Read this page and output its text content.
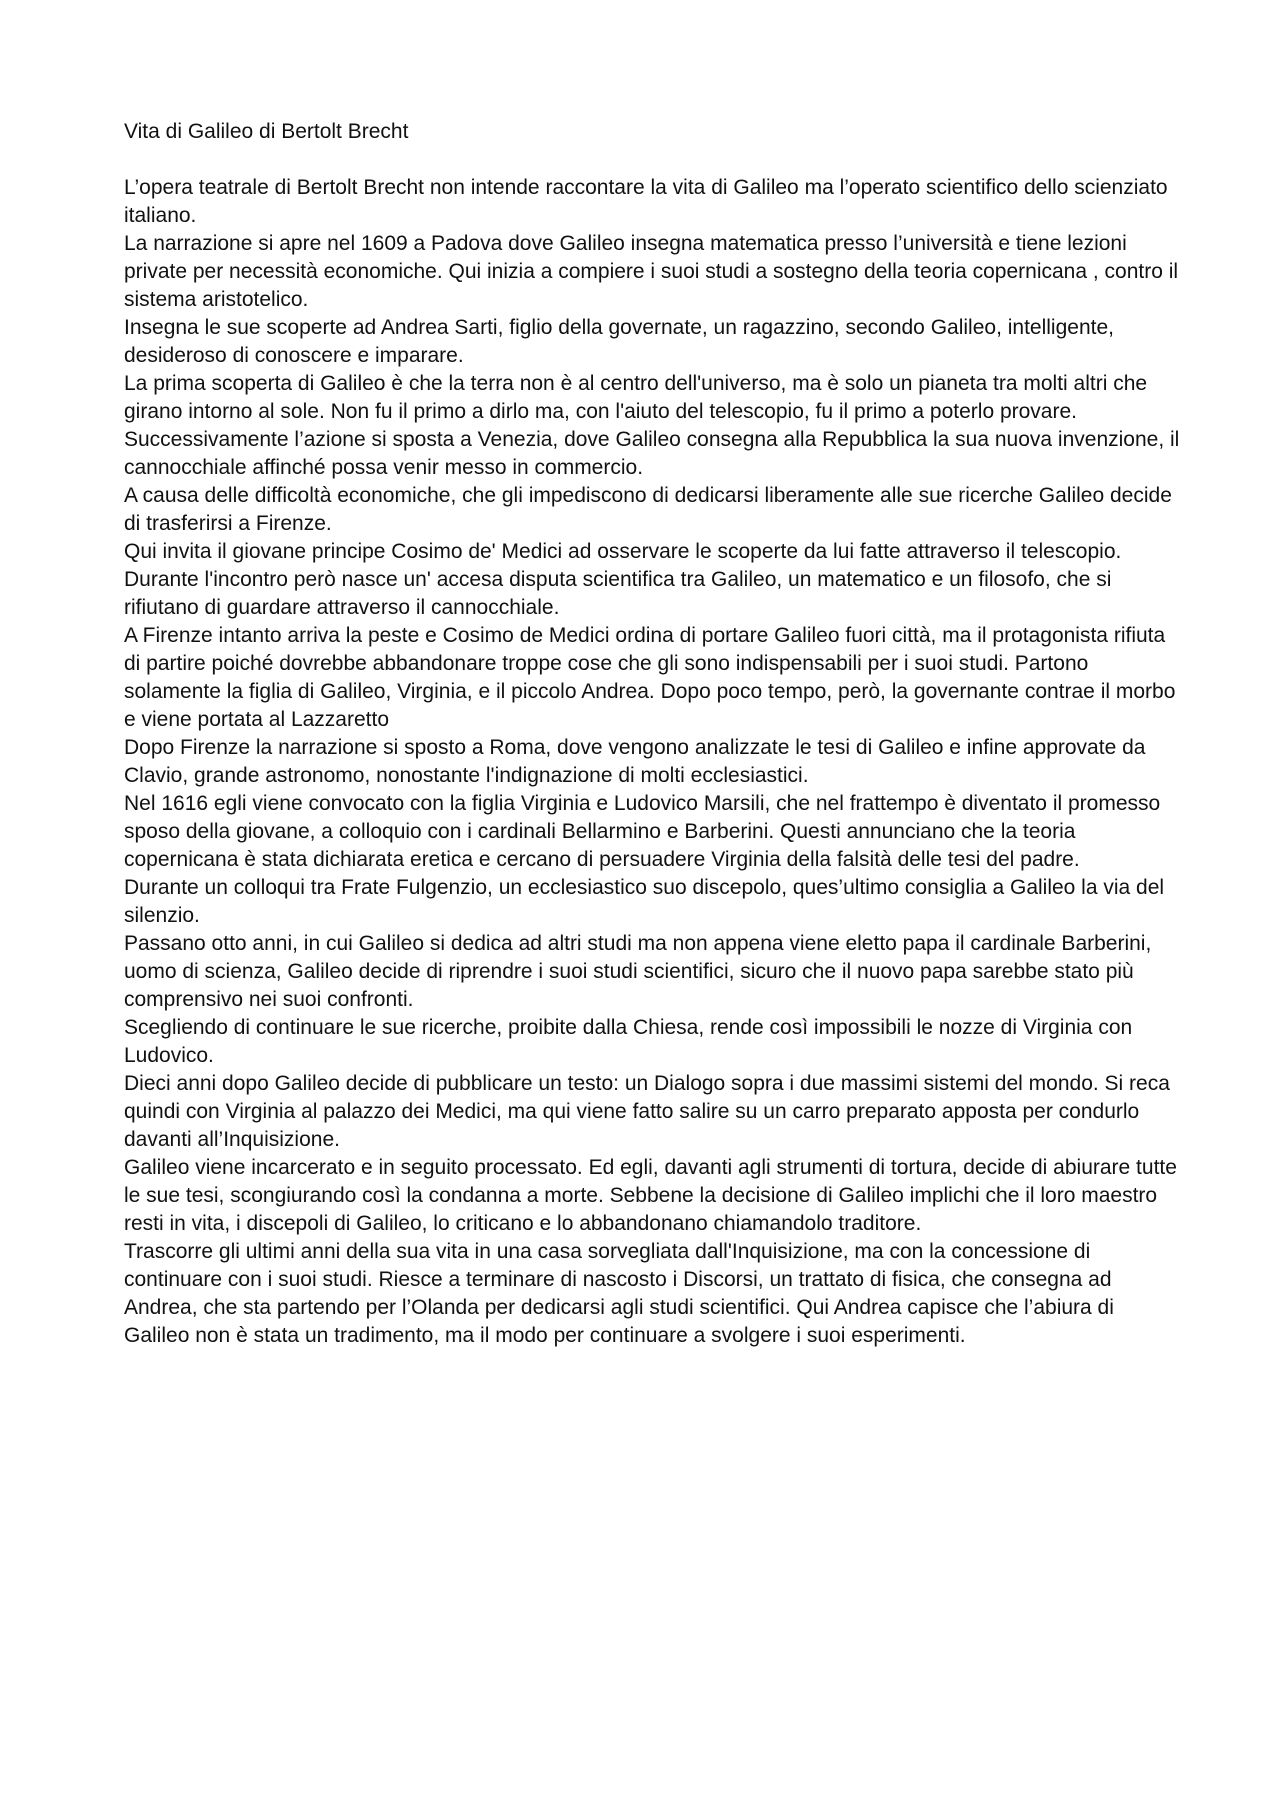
Vita di Galileo di Bertolt Brecht

L’opera teatrale di Bertolt Brecht non intende raccontare la vita di Galileo ma l’operato scientifico dello scienziato italiano.

La narrazione si apre nel 1609 a Padova dove Galileo insegna matematica presso l’università e tiene lezioni private per necessità economiche. Qui inizia a compiere i suoi studi a sostegno della teoria copernicana , contro il sistema aristotelico.

Insegna le sue scoperte ad Andrea Sarti, figlio della governate, un ragazzino, secondo Galileo, intelligente, desideroso di conoscere e imparare.

La prima scoperta di Galileo è che la terra non è al centro dell'universo, ma è solo un pianeta tra molti altri che girano intorno al sole. Non fu il primo a dirlo ma, con l'aiuto del telescopio, fu il primo a poterlo provare.

Successivamente l’azione si sposta a Venezia, dove Galileo consegna alla Repubblica la sua nuova invenzione, il cannocchiale affinché possa venir messo in commercio.

A causa delle difficoltà economiche, che gli impediscono di dedicarsi liberamente alle sue ricerche Galileo decide di trasferirsi a Firenze.

Qui invita il giovane principe Cosimo de' Medici ad osservare le scoperte da lui fatte attraverso il telescopio. Durante l'incontro però nasce un' accesa disputa scientifica tra Galileo, un matematico e un filosofo, che si rifiutano di guardare attraverso il cannocchiale.

A Firenze intanto arriva la peste e Cosimo de Medici ordina di portare Galileo fuori città, ma il protagonista rifiuta di partire poiché dovrebbe abbandonare troppe cose che gli sono indispensabili per i suoi studi. Partono solamente la figlia di Galileo, Virginia, e il piccolo Andrea. Dopo poco tempo, però, la governante contrae il morbo e viene portata al Lazzaretto

Dopo Firenze la narrazione si sposto a Roma, dove vengono analizzate le tesi di Galileo e infine approvate da Clavio, grande astronomo, nonostante l'indignazione di molti ecclesiastici.

Nel 1616 egli viene convocato con la figlia Virginia e Ludovico Marsili, che nel frattempo è diventato il promesso sposo della giovane, a colloquio con i cardinali Bellarmino e Barberini. Questi annunciano che la teoria copernicana è stata dichiarata eretica e cercano di persuadere Virginia della falsità delle tesi del padre.

Durante un colloqui tra Frate Fulgenzio, un ecclesiastico suo discepolo, ques’ultimo consiglia a Galileo la via del silenzio.

Passano otto anni, in cui Galileo si dedica ad altri studi ma non appena viene eletto papa il cardinale Barberini, uomo di scienza, Galileo decide di riprendre i suoi studi scientifici, sicuro che il nuovo papa sarebbe stato più comprensivo nei suoi confronti.

Scegliendo di continuare le sue ricerche, proibite dalla Chiesa, rende così impossibili le nozze di Virginia con Ludovico.

Dieci anni dopo Galileo decide di pubblicare un testo: un Dialogo sopra i due massimi sistemi del mondo. Si reca quindi con Virginia al palazzo dei Medici, ma qui viene fatto salire su un carro preparato apposta per condurlo davanti all’Inquisizione.

Galileo viene incarcerato e in seguito processato. Ed egli, davanti agli strumenti di tortura, decide di abiurare tutte le sue tesi, scongiurando così la condanna a morte. Sebbene la decisione di Galileo implichi che il loro maestro resti in vita, i discepoli di Galileo, lo criticano e lo abbandonano chiamandolo traditore.

Trascorre gli ultimi anni della sua vita in una casa sorvegliata dall'Inquisizione, ma con la concessione di continuare con i suoi studi. Riesce a terminare di nascosto i Discorsi, un trattato di fisica, che consegna ad Andrea, che sta partendo per l’Olanda per dedicarsi agli studi scientifici. Qui Andrea capisce che l’abiura di Galileo non è stata un tradimento, ma il modo per continuare a svolgere i suoi esperimenti.
